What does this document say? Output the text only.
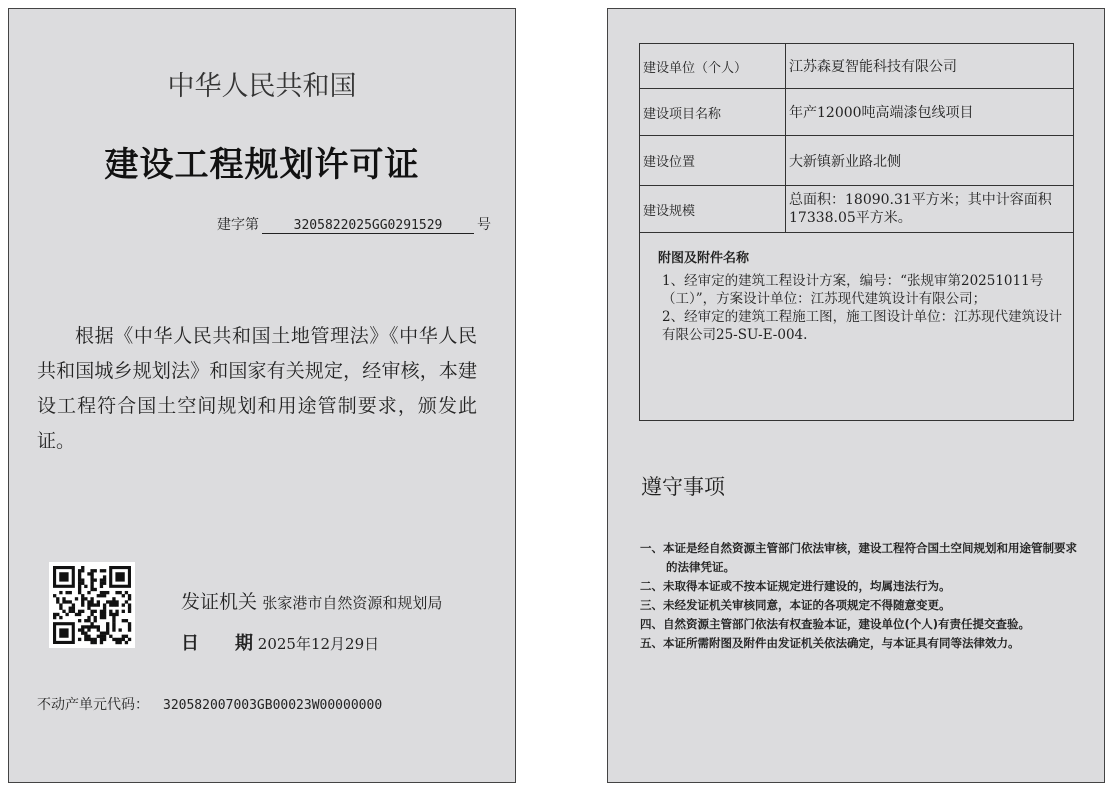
中华人民共和国
建设工程规划许可证
建字第	3205822025GG0291529 号
根据《中华人民共和国土地管理法》《中华人民共和国城乡规划法》和国家有关规定，经审核，本建设工程符合国土空间规划和用途管制要求，颁发此证。
发证机关 张家港市自然资源和规划局
日 期 2025年12月29日
不动产单元代码： 320582007003GB00023W00000000
建设单位（个人）	江苏森夏智能科技有限公司
建设项目名称	年产12000吨高端漆包线项目
建设位置	大新镇新业路北侧
建设规模	总面积：18090.31平方米；其中计容面积17338.05平方米。

附图及附件名称
1、经审定的建筑工程设计方案，编号：“张规审第20251011号（工）”，方案设计单位：江苏现代建筑设计有限公司；
2、经审定的建筑工程施工图，施工图设计单位：江苏现代建筑设计有限公司25-SU-E-004.	
遵守事项
一、本证是经自然资源主管部门依法审核，建设工程符合国土空间规划和用途管制要求的法律凭证。
二、未取得本证或不按本证规定进行建设的，均属违法行为。
三、未经发证机关审核同意，本证的各项规定不得随意变更。
四、自然资源主管部门依法有权查验本证，建设单位(个人)有责任提交查验。
五、本证所需附图及附件由发证机关依法确定，与本证具有同等法律效力。
